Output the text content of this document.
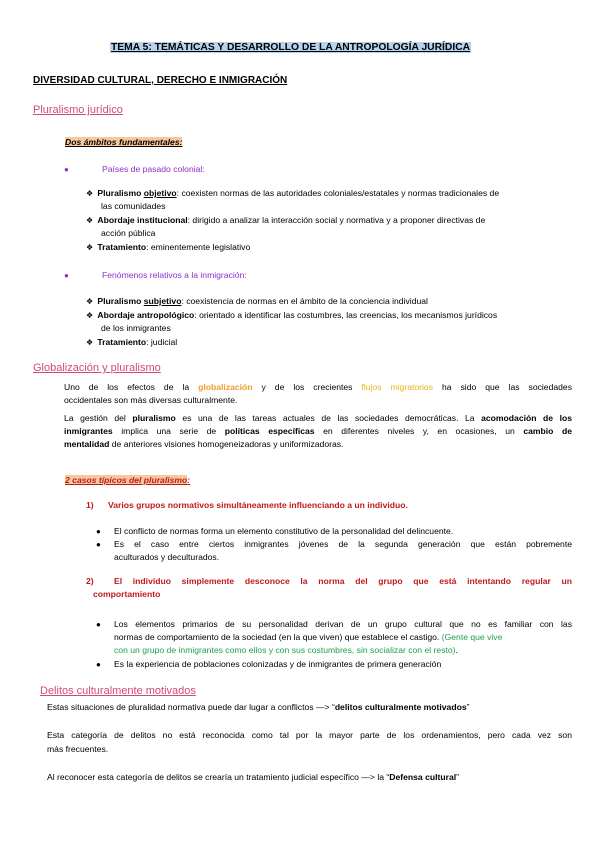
TEMA 5: TEMÁTICAS Y DESARROLLO DE LA ANTROPOLOGÍA JURÍDICA
DIVERSIDAD CULTURAL, DERECHO E INMIGRACIÓN
Pluralismo jurídico
Dos ámbitos fundamentales:
●	Países de pasado colonial:
❖ Pluralismo objetivo: coexisten normas de las autoridades coloniales/estatales y normas tradicionales de
las comunidades
❖ Abordaje institucional: dirigido a analizar la interacción social y normativa y a proponer directivas de
acción pública
❖ Tratamiento: eminentemente legislativo
●	Fenómenos relativos a la inmigración:
❖ Pluralismo subjetivo: coexistencia de normas en el ámbito de la conciencia individual
❖ Abordaje antropológico: orientado a identificar las costumbres, las creencias, los mecanismos jurídicos
de los inmigrantes
❖ Tratamiento: judicial
Globalización y pluralismo
Uno de los efectos de la globalización y de los crecientes flujos migratorios ha sido que las sociedades
occidentales son más diversas culturalmente.
La gestión del pluralismo es una de las tareas actuales de las sociedades democráticas. La acomodación de los
inmigrantes implica una serie de políticas específicas en diferentes niveles y, en ocasiones, un cambio de
mentalidad de anteriores visiones homogeneizadoras y uniformizadoras.
2 casos típicos del pluralismo:
1) Varios grupos normativos simultáneamente influenciando a un individuo.
● El conflicto de normas forma un elemento constitutivo de la personalidad del delincuente.
● Es el caso entre ciertos inmigrantes jóvenes de la segunda generación que están pobremente
aculturados y deculturados.
2) El individuo simplemente desconoce la norma del grupo que está intentando regular un
comportamiento
● Los elementos primarios de su personalidad derivan de un grupo cultural que no es familiar con las
normas de comportamiento de la sociedad (en la que viven) que establece el castigo. (Gente que vive
con un grupo de inmigrantes como ellos y con sus costumbres, sin socializar con el resto).
● Es la experiencia de poblaciones colonizadas y de inmigrantes de primera generación
Delitos culturalmente motivados
Estas situaciones de pluralidad normativa puede dar lugar a conflictos —> “delitos culturalmente motivados”
Esta categoría de delitos no está reconocida como tal por la mayor parte de los ordenamientos, pero cada vez son
más frecuentes.
Al reconocer esta categoría de delitos se crearía un tratamiento judicial específico —> la “Defensa cultural”
